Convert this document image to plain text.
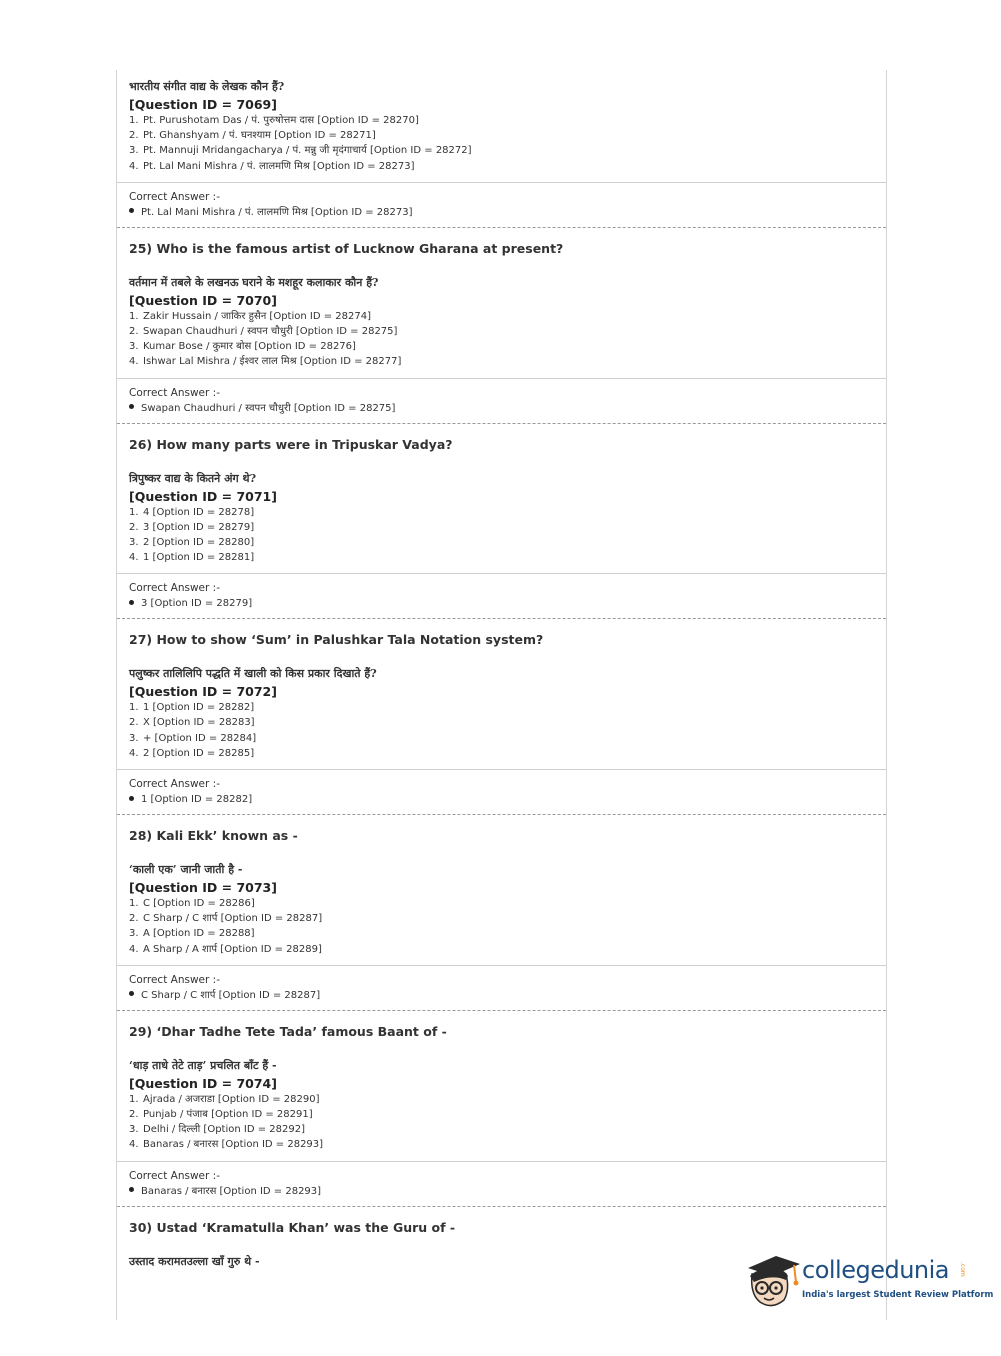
भारतीय संगीत वाद्य के लेखक कौन हैं?

[Question ID = 7069]

1. Pt. Purushotam Das / पं. पुरुषोत्तम दास [Option ID = 28270]
2. Pt. Ghanshyam / पं. घनश्याम [Option ID = 28271]
3. Pt. Mannuji Mridangacharya / पं. मन्नु जी मृदंगाचार्य [Option ID = 28272]
4. Pt. Lal Mani Mishra / पं. लालमणि मिश्र [Option ID = 28273]

Correct Answer :-

Pt. Lal Mani Mishra / पं. लालमणि मिश्र [Option ID = 28273]

25) Who is the famous artist of Lucknow Gharana at present?

वर्तमान में तबले के लखनऊ घराने के मशहूर कलाकार कौन हैं?

[Question ID = 7070]

1. Zakir Hussain / जाकिर हुसैन [Option ID = 28274]
2. Swapan Chaudhuri / स्वपन चौधुरी [Option ID = 28275]
3. Kumar Bose / कुमार बोस [Option ID = 28276]
4. Ishwar Lal Mishra / ईश्वर लाल मिश्र [Option ID = 28277]

Correct Answer :-

Swapan Chaudhuri / स्वपन चौधुरी [Option ID = 28275]

26) How many parts were in Tripuskar Vadya?

त्रिपुष्कर वाद्य के कितने अंग थे?

[Question ID = 7071]

1. 4 [Option ID = 28278]
2. 3 [Option ID = 28279]
3. 2 [Option ID = 28280]
4. 1 [Option ID = 28281]

Correct Answer :-

3 [Option ID = 28279]

27) How to show ‘Sum’ in Palushkar Tala Notation system?

पलुष्कर तालिलिपि पद्धति में खाली को किस प्रकार दिखाते हैं?

[Question ID = 7072]

1. 1 [Option ID = 28282]
2. X [Option ID = 28283]
3. + [Option ID = 28284]
4. 2 [Option ID = 28285]

Correct Answer :-

1 [Option ID = 28282]

28) Kali Ekk’ known as -

‘काली एक’ जानी जाती है -

[Question ID = 7073]

1. C [Option ID = 28286]
2. C Sharp / C शार्प [Option ID = 28287]
3. A [Option ID = 28288]
4. A Sharp / A शार्प [Option ID = 28289]

Correct Answer :-

C Sharp / C शार्प [Option ID = 28287]

29) ‘Dhar Tadhe Tete Tada’ famous Baant of -

‘धाड़ ताधे तेटे ताड़’ प्रचलित बाँट हैं -

[Question ID = 7074]

1. Ajrada / अजराडा [Option ID = 28290]
2. Punjab / पंजाब [Option ID = 28291]
3. Delhi / दिल्ली [Option ID = 28292]
4. Banaras / बनारस [Option ID = 28293]

Correct Answer :-

Banaras / बनारस [Option ID = 28293]

30) Ustad ‘Kramatulla Khan’ was the Guru of -

उस्ताद करामतउल्ला खाँ गुरु थे -	collegedunia .com
India's largest Student Review Platform
